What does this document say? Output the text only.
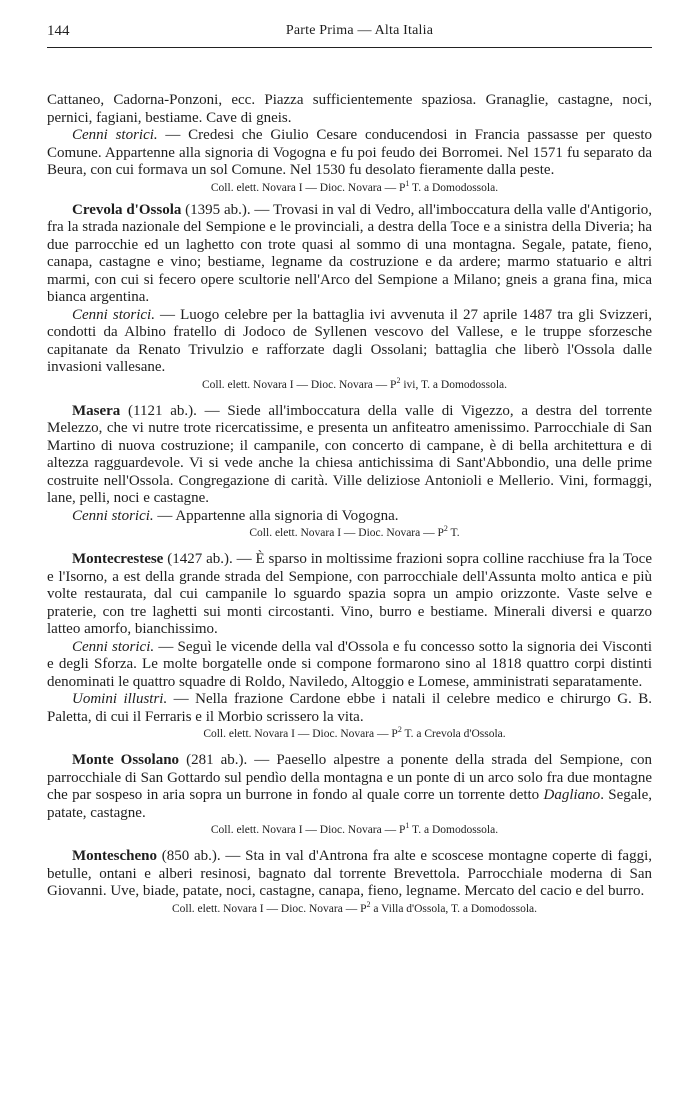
144	Parte Prima — Alta Italia

Cattaneo, Cadorna-Ponzoni, ecc. Piazza sufficientemente spaziosa. Granaglie, castagne, noci, pernici, fagiani, bestiame. Cave di gneis.

Cenni storici. — Credesi che Giulio Cesare conducendosi in Francia passasse per questo Comune. Appartenne alla signoria di Vogogna e fu poi feudo dei Borromei. Nel 1571 fu separato da Beura, con cui formava un sol Comune. Nel 1530 fu desolato fieramente dalla peste.

Coll. elett. Novara I — Dioc. Novara — $P^1$ T. a Domodossola.

Crevola d'Ossola (1395 ab.). — Trovasi in val di Vedro, all'imboccatura della valle d'Antigorio, fra la strada nazionale del Sempione e le provinciali, a destra della Toce e a sinistra della Diveria; ha due parrocchie ed un laghetto con trote quasi al sommo di una montagna. Segale, patate, fieno, canapa, castagne e vino; bestiame, legname da costruzione e da ardere; marmo statuario e altri marmi, con cui si fecero opere scultorie nell'Arco del Sempione a Milano; gneis a grana fina, mica bianca argentina.

Cenni storici. — Luogo celebre per la battaglia ivi avvenuta il 27 aprile 1487 tra gli Svizzeri, condotti da Albino fratello di Jodoco de Syllenen vescovo del Vallese, e le truppe sforzesche capitanate da Renato Trivulzio e rafforzate dagli Ossolani; battaglia che liberò l'Ossola dalle invasioni vallesane.

Coll. elett. Novara I — Dioc. Novara — $P^2$ ivi, T. a Domodossola.

Masera (1121 ab.). — Siede all'imboccatura della valle di Vigezzo, a destra del torrente Melezzo, che vi nutre trote ricercatissime, e presenta un anfiteatro amenissimo. Parrocchiale di San Martino di nuova costruzione; il campanile, con concerto di campane, è di bella architettura e di altezza ragguardevole. Vi si vede anche la chiesa antichissima di Sant'Abbondio, una delle prime costruite nell'Ossola. Congregazione di carità. Ville deliziose Antonioli e Mellerio. Vini, formaggi, lane, pelli, noci e castagne.

Cenni storici. — Appartenne alla signoria di Vogogna.

Coll. elett. Novara I — Dioc. Novara — $P^2$ T.

Montecrestese (1427 ab.). — È sparso in moltissime frazioni sopra colline racchiuse fra la Toce e l'Isorno, a est della grande strada del Sempione, con parrocchiale dell'Assunta molto antica e più volte restaurata, dal cui campanile lo sguardo spazia sopra un ampio orizzonte. Vaste selve e praterie, con tre laghetti sui monti circostanti. Vino, burro e bestiame. Minerali diversi e quarzo latteo amorfo, bianchissimo.

Cenni storici. — Seguì le vicende della val d'Ossola e fu concesso sotto la signoria dei Visconti e degli Sforza. Le molte borgatelle onde si compone formarono sino al 1818 quattro corpi distinti denominati le quattro squadre di Roldo, Naviledo, Altoggio e Lomese, amministrati separatamente.

Uomini illustri. — Nella frazione Cardone ebbe i natali il celebre medico e chirurgo G. B. Paletta, di cui il Ferraris e il Morbio scrissero la vita.

Coll. elett. Novara I — Dioc. Novara — $P^2$ T. a Crevola d'Ossola.

Monte Ossolano (281 ab.). — Paesello alpestre a ponente della strada del Sempione, con parrocchiale di San Gottardo sul pendìo della montagna e un ponte di un arco solo fra due montagne che par sospeso in aria sopra un burrone in fondo al quale corre un torrente detto Dagliano. Segale, patate, castagne.

Coll. elett. Novara I — Dioc. Novara — $P^1$ T. a Domodossola.

Montescheno (850 ab.). — Sta in val d'Antrona fra alte e scoscese montagne coperte di faggi, betulle, ontani e alberi resinosi, bagnato dal torrente Brevettola. Parrocchiale moderna di San Giovanni. Uve, biade, patate, noci, castagne, canapa, fieno, legname. Mercato del cacio e del burro.

Coll. elett. Novara I — Dioc. Novara — $P^2$ a Villa d'Ossola, T. a Domodossola.
